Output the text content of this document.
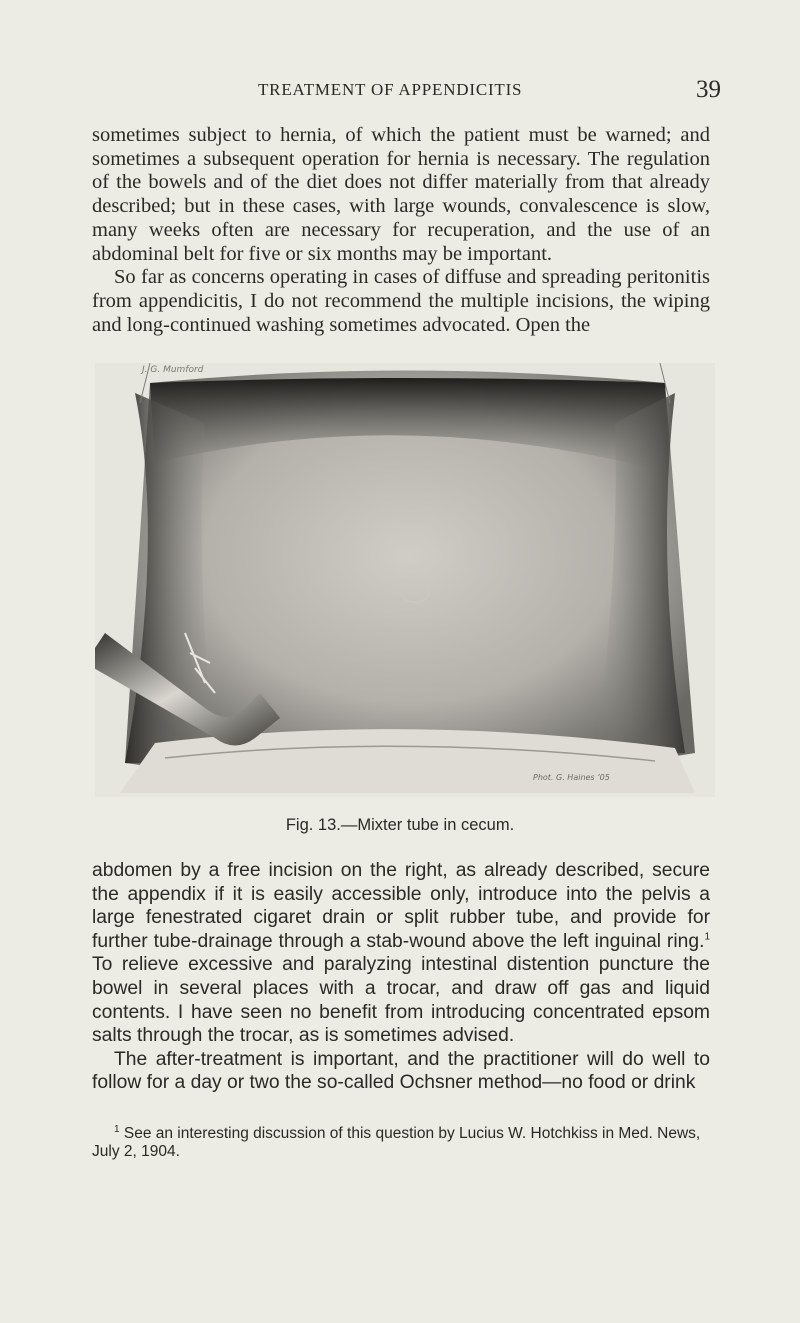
TREATMENT OF APPENDICITIS	39

sometimes subject to hernia, of which the patient must be warned; and sometimes a subsequent operation for hernia is necessary. The regulation of the bowels and of the diet does not differ materially from that already described; but in these cases, with large wounds, convalescence is slow, many weeks often are necessary for recuperation, and the use of an abdominal belt for five or six months may be important.

So far as concerns operating in cases of diffuse and spreading peritonitis from appendicitis, I do not recommend the multiple incisions, the wiping and long-continued washing sometimes advocated. Open the

J. G. Mumford
Phot. G. Haines ’05
Fig. 13.—Mixter tube in cecum.

abdomen by a free incision on the right, as already described, secure the appendix if it is easily accessible only, introduce into the pelvis a large fenestrated cigaret drain or split rubber tube, and provide for further tube-drainage through a stab-wound above the left inguinal ring.$^1$ To relieve excessive and paralyzing intestinal distention puncture the bowel in several places with a trocar, and draw off gas and liquid contents. I have seen no benefit from introducing concentrated epsom salts through the trocar, as is sometimes advised.

The after-treatment is important, and the practitioner will do well to follow for a day or two the so-called Ochsner method—no food or drink

$^1$ See an interesting discussion of this question by Lucius W. Hotchkiss in Med. News, July 2, 1904.
